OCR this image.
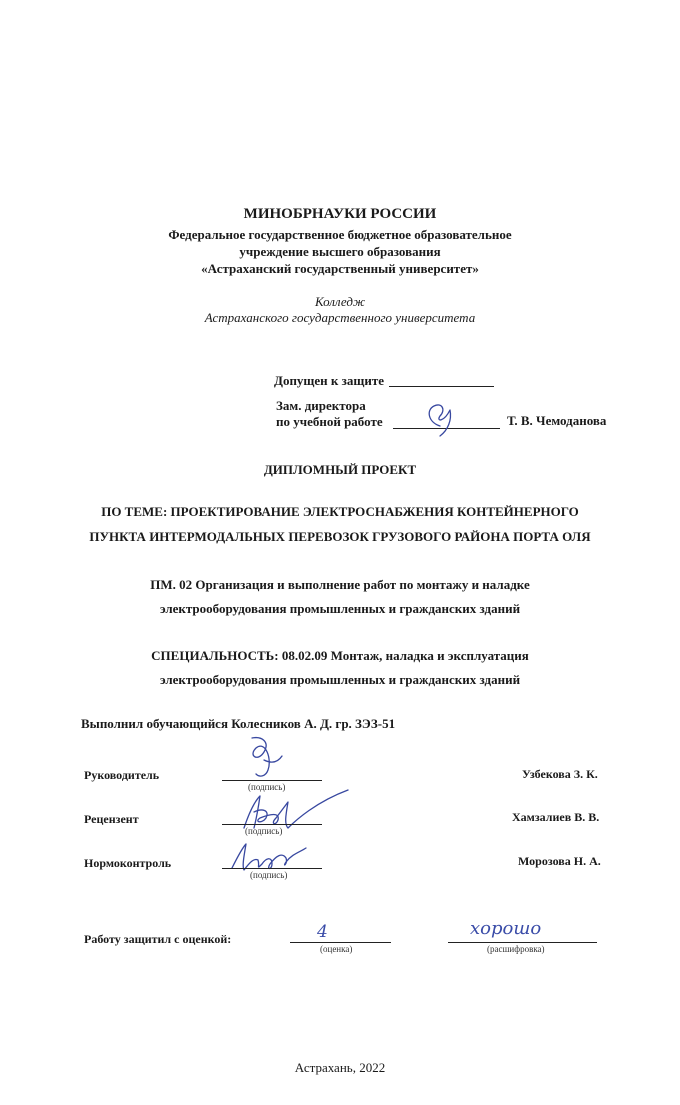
МИНОБРНАУКИ РОССИИ
Федеральное государственное бюджетное образовательное
учреждение высшего образования
«Астраханский государственный университет»
Колледж
Астраханского государственного университета
Допущен к защите
Зам. директора
по учебной работе	Т. В. Чемоданова
ДИПЛОМНЫЙ ПРОЕКТ
ПО ТЕМЕ: ПРОЕКТИРОВАНИЕ ЭЛЕКТРОСНАБЖЕНИЯ КОНТЕЙНЕРНОГО
ПУНКТА ИНТЕРМОДАЛЬНЫХ ПЕРЕВОЗОК ГРУЗОВОГО РАЙОНА ПОРТА ОЛЯ
ПМ. 02 Организация и выполнение работ по монтажу и наладке
электрооборудования промышленных и гражданских зданий
СПЕЦИАЛЬНОСТЬ: 08.02.09 Монтаж, наладка и эксплуатация
электрооборудования промышленных и гражданских зданий
Выполнил обучающийся Колесников А. Д. гр. ЗЭЗ-51
Руководитель
(подпись)
Узбекова З. К.
Рецензент
(подпись)
Хамзалиев В. В.
Нормоконтроль
(подпись)
Морозова Н. А.
Работу защитил с оценкой:	4
(оценка)
хорошо
(расшифровка)
Астрахань, 2022
